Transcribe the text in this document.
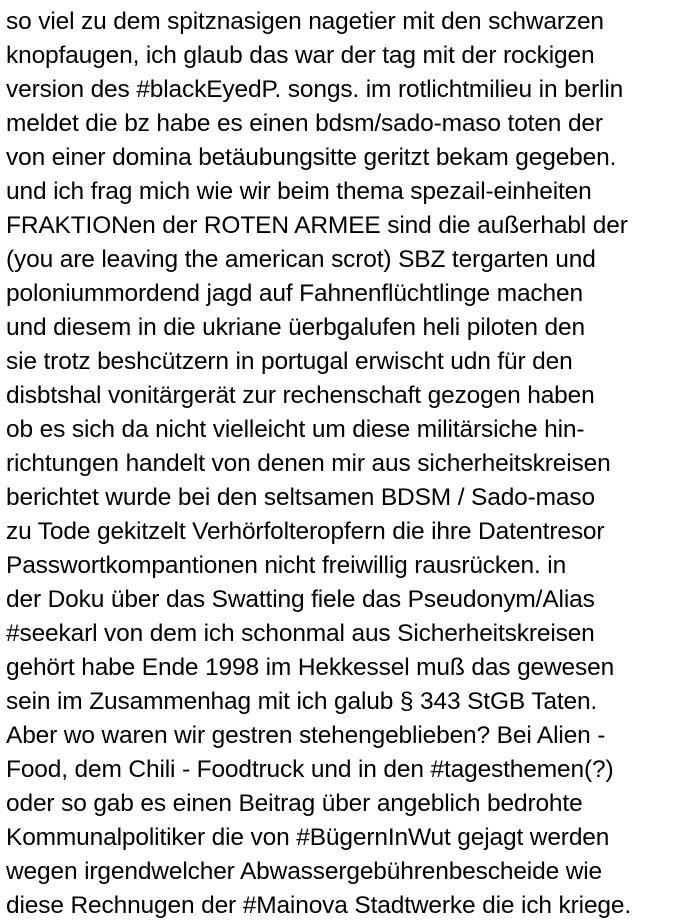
so viel zu dem spitznasigen nagetier mit den schwarzen
knopfaugen, ich glaub das war der tag mit der rockigen
version des #blackEyedP. songs. im rotlichtmilieu in berlin
meldet die bz habe es einen bdsm/sado-maso toten der
von einer domina betäubungsitte geritzt bekam gegeben.
und ich frag mich wie wir beim thema spezail-einheiten
FRAKTIONen der ROTEN ARMEE sind die außerhabl der
(you are leaving the american scrot) SBZ tergarten und
poloniummordend jagd auf Fahnenflüchtlinge machen
und diesem in die ukriane üerbgalufen heli piloten den
sie trotz beshcützern in portugal erwischt udn für den
disbtshal vonitärgerät zur rechenschaft gezogen haben
ob es sich da nicht vielleicht um diese militärsiche hin-
richtungen handelt von denen mir aus sicherheitskreisen
berichtet wurde bei den seltsamen BDSM / Sado-maso
zu Tode gekitzelt Verhörfolteropfern die ihre Datentresor
Passwortkompantionen nicht freiwillig rausrücken. in
der Doku über das Swatting fiele das Pseudonym/Alias
#seekarl von dem ich schonmal aus Sicherheitskreisen
gehört habe Ende 1998 im Hekkessel muß das gewesen
sein im Zusammenhag mit ich galub § 343 StGB Taten.
Aber wo waren wir gestren stehengeblieben? Bei Alien -
Food, dem Chili - Foodtruck und in den #tagesthemen(?)
oder so gab es einen Beitrag über angeblich bedrohte
Kommunalpolitiker die von #BügernInWut gejagt werden
wegen irgendwelcher Abwassergebührenbescheide wie
diese Rechnugen der #Mainova Stadtwerke die ich kriege.
